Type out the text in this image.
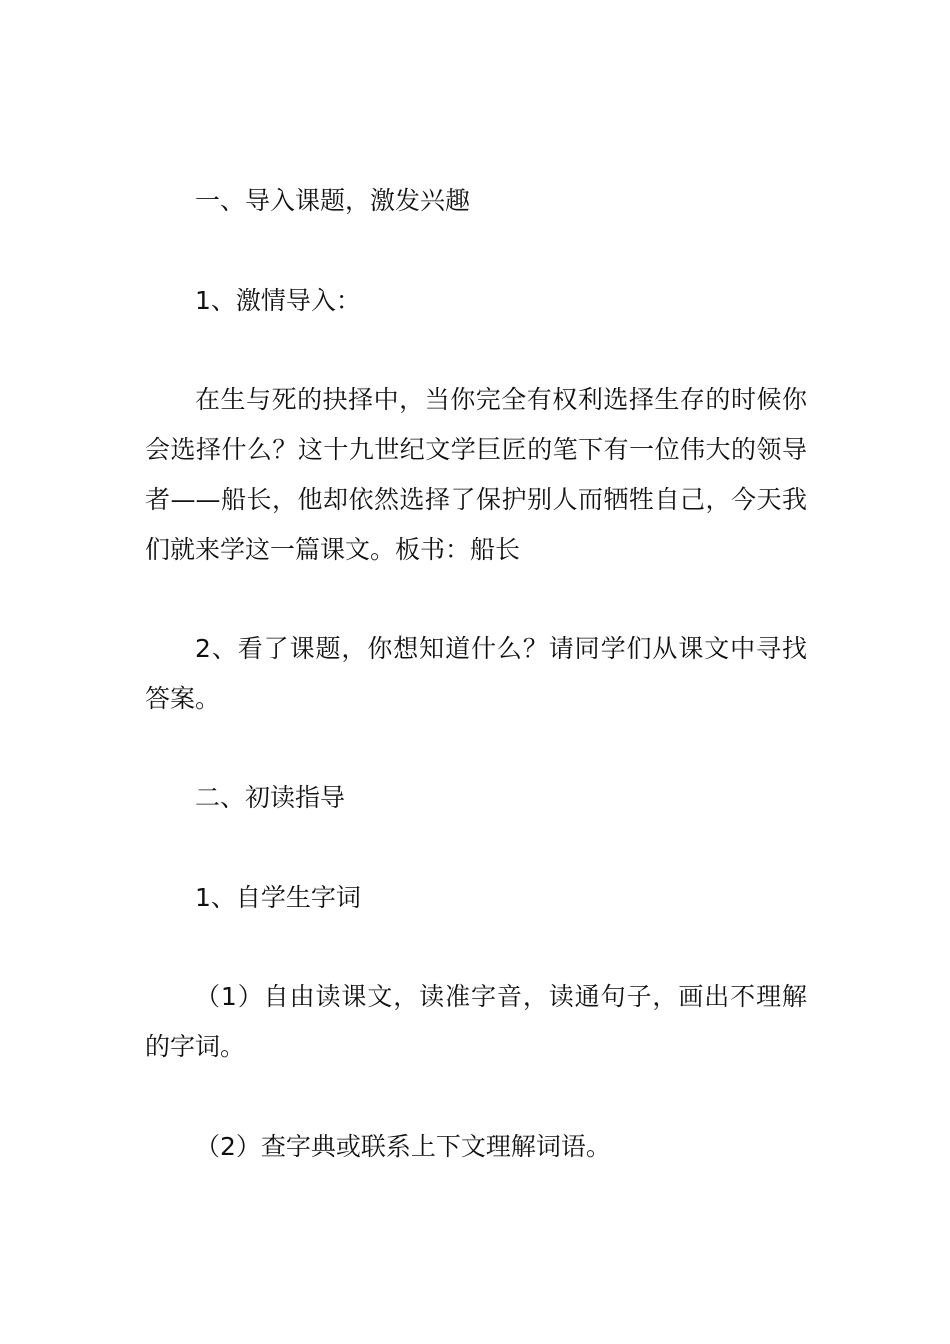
一、导入课题，激发兴趣

1、激情导入：

在生与死的抉择中，当你完全有权利选择生存的时候你会选择什么？这十九世纪文学巨匠的笔下有一位伟大的领导者——船长，他却依然选择了保护别人而牺牲自己，今天我们就来学这一篇课文。板书：船长

2、看了课题，你想知道什么？请同学们从课文中寻找答案。

二、初读指导

1、自学生字词

（1）自由读课文，读准字音，读通句子，画出不理解的字词。

（2）查字典或联系上下文理解词语。
